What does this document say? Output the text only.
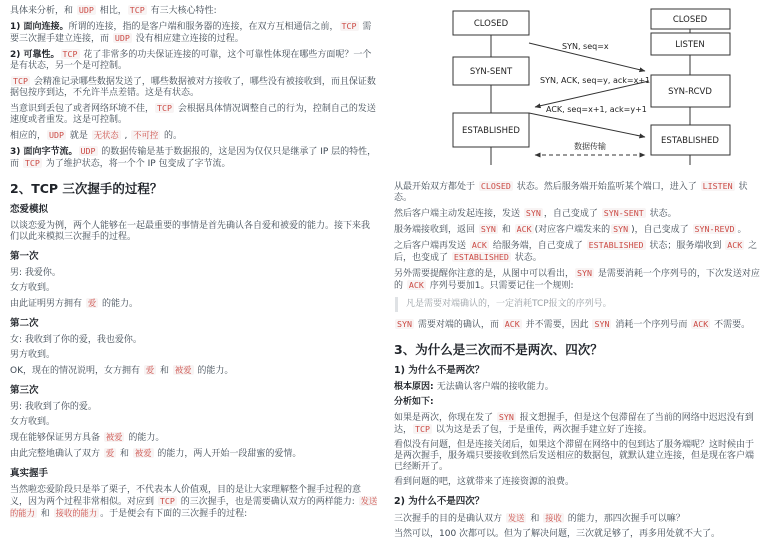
具体来分析，和 UDP 相比， TCP 有三大核心特性:
1) 面向连接。所谓的连接，指的是客户端和服务器的连接，在双方互相通信之前， TCP 需要三次握手建立连接，而 UDP 没有相应建立连接的过程。
2) 可靠性。 TCP 花了非常多的功夫保证连接的可靠，这个可靠性体现在哪些方面呢？一个是有状态，另一个是可控制。
TCP 会精准记录哪些数据发送了，哪些数据被对方接收了，哪些没有被接收到，而且保证数据包按序到达，不允许半点差错。这是有状态。
当意识到丢包了或者网络环境不佳， TCP 会根据具体情况调整自己的行为，控制自己的发送速度或者重发。这是可控制。
相应的， UDP 就是 无状态 , 不可控 的。
3) 面向字节流。 UDP 的数据传输是基于数据报的，这是因为仅仅只是继承了 IP 层的特性，而 TCP 为了维护状态，将一个个 IP 包变成了字节流。
2、TCP 三次握手的过程？
恋爱模拟
以谈恋爱为例，两个人能够在一起最重要的事情是首先确认各自爱和被爱的能力。接下来我们以此来模拟三次握手的过程。
第一次
男: 我爱你。
女方收到。
由此证明男方拥有 爱 的能力。
第二次
女: 我收到了你的爱，我也爱你。
男方收到。
OK，现在的情况说明，女方拥有 爱 和 被爱 的能力。
第三次
男: 我收到了你的爱。
女方收到。
现在能够保证男方具备 被爱 的能力。
由此完整地确认了双方 爱 和 被爱 的能力，两人开始一段甜蜜的爱情。
真实握手
当然啦恋爱阶段只是举了栗子，不代表本人价值观，目的是让大家理解整个握手过程的意义，因为两个过程非常相似。对应到 TCP 的三次握手，也是需要确认双方的两样能力: 发送的能力 和 接收的能力 。于是便会有下面的三次握手的过程:
CLOSED
SYN-SENT
ESTABLISHED
CLOSED
LISTEN
SYN-RCVD
ESTABLISHED
SYN, seq=x
SYN, ACK, seq=y, ack=x+1
ACK, seq=x+1, ack=y+1
数据传输
从最开始双方都处于 CLOSED 状态。然后服务端开始监听某个端口，进入了 LISTEN 状态。
然后客户端主动发起连接，发送 SYN ，自己变成了 SYN-SENT 状态。
服务端接收到，返回 SYN 和 ACK (对应客户端发来的 SYN )，自己变成了 SYN-REVD 。
之后客户端再发送 ACK 给服务端，自己变成了 ESTABLISHED 状态；服务端收到 ACK 之后，也变成了 ESTABLISHED 状态。
另外需要提醒你注意的是，从图中可以看出， SYN 是需要消耗一个序列号的，下次发送对应的 ACK 序列号要加1。只需要记住一个规则:
凡是需要对端确认的，一定消耗TCP报文的序列号。
SYN 需要对端的确认，而 ACK 并不需要，因此 SYN 消耗一个序列号而 ACK 不需要。
3、为什么是三次而不是两次、四次？
1) 为什么不是两次？
根本原因: 无法确认客户端的接收能力。
分析如下:
如果是两次，你现在发了 SYN 报文想握手，但是这个包滞留在了当前的网络中迟迟没有到达， TCP 以为这是丢了包，于是重传，两次握手建立好了连接。
看似没有问题，但是连接关闭后，如果这个滞留在网络中的包到达了服务端呢？这时候由于是两次握手，服务端只要接收到然后发送相应的数据包，就默认建立连接，但是现在客户端已经断开了。
看到问题的吧，这就带来了连接资源的浪费。
2) 为什么不是四次？
三次握手的目的是确认双方 发送 和 接收 的能力，那四次握手可以嘛？
当然可以，100 次都可以。但为了解决问题，三次就足够了，再多用处就不大了。
